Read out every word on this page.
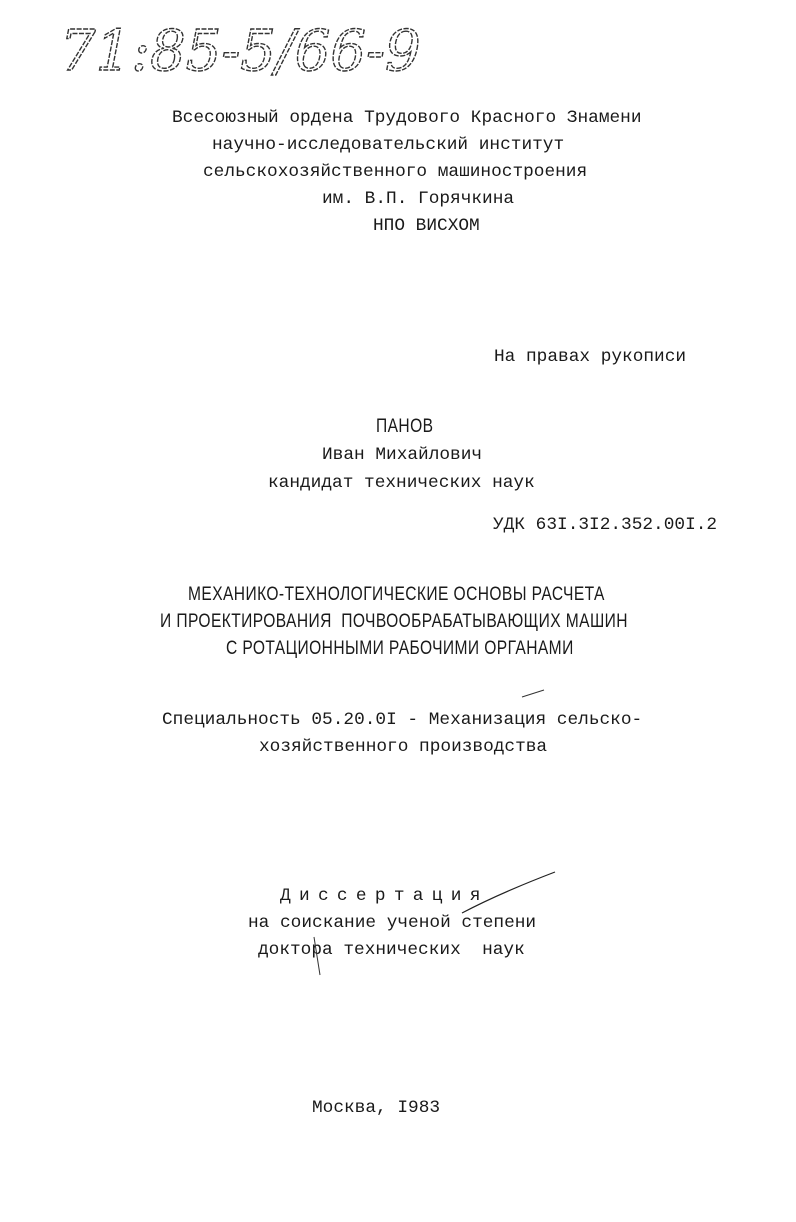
71:85-5/66-9
Всесоюзный ордена Трудового Красного Знамени
научно-исследовательский институт
сельскохозяйственного машиностроения
им. В.П. Горячкина
НПО ВИСХОМ
На правах рукописи
ПАНОВ
Иван Михайлович
кандидат технических наук
УДК 63I.3I2.352.00I.2
МЕХАНИКО-ТЕХНОЛОГИЧЕСКИЕ ОСНОВЫ РАСЧЕТА
И ПРОЕКТИРОВАНИЯ  ПОЧВООБРАБАТЫВАЮЩИХ МАШИН
С РОТАЦИОННЫМИ РАБОЧИМИ ОРГАНАМИ
Специальность 05.20.0I - Механизация сельско-
хозяйственного производства
Диссертация
на соискание ученой степени
доктора технических  наук
Москва, I983
